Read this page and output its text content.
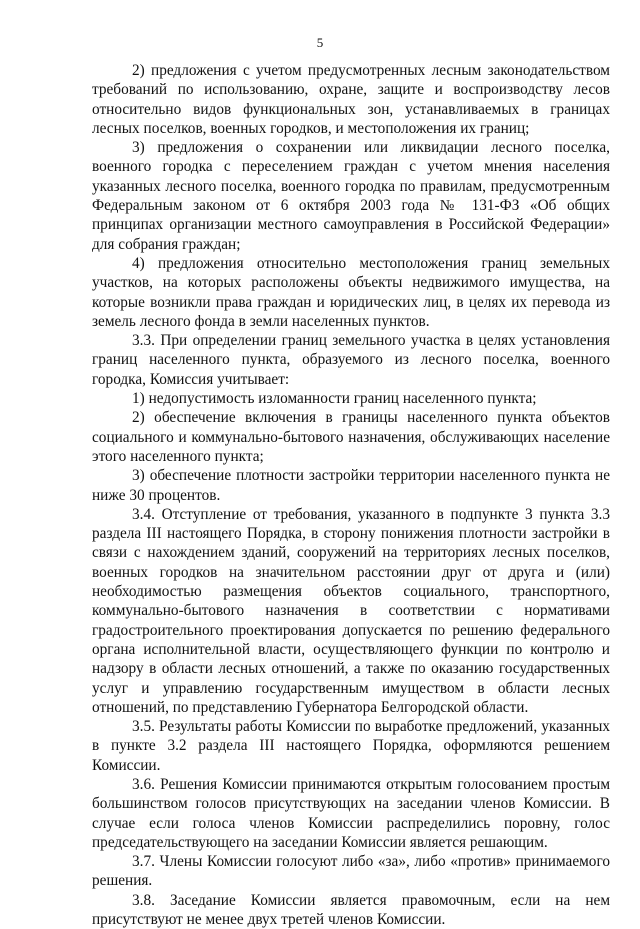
5

2) предложения с учетом предусмотренных лесным законодательством требований по использованию, охране, защите и воспроизводству лесов относительно видов функциональных зон, устанавливаемых в границах лесных поселков, военных городков, и местоположения их границ;

3) предложения о сохранении или ликвидации лесного поселка, военного городка с переселением граждан с учетом мнения населения указанных лесного поселка, военного городка по правилам, предусмотренным Федеральным законом от 6 октября 2003 года № 131-ФЗ «Об общих принципах организации местного самоуправления в Российской Федерации» для собрания граждан;

4) предложения относительно местоположения границ земельных участков, на которых расположены объекты недвижимого имущества, на которые возникли права граждан и юридических лиц, в целях их перевода из земель лесного фонда в земли населенных пунктов.

3.3. При определении границ земельного участка в целях установления границ населенного пункта, образуемого из лесного поселка, военного городка, Комиссия учитывает:

1) недопустимость изломанности границ населенного пункта;

2) обеспечение включения в границы населенного пункта объектов социального и коммунально-бытового назначения, обслуживающих население этого населенного пункта;

3) обеспечение плотности застройки территории населенного пункта не ниже 30 процентов.

3.4. Отступление от требования, указанного в подпункте 3 пункта 3.3 раздела III настоящего Порядка, в сторону понижения плотности застройки в связи с нахождением зданий, сооружений на территориях лесных поселков, военных городков на значительном расстоянии друг от друга и (или) необходимостью размещения объектов социального, транспортного, коммунально-бытового назначения в соответствии с нормативами градостроительного проектирования допускается по решению федерального органа исполнительной власти, осуществляющего функции по контролю и надзору в области лесных отношений, а также по оказанию государственных услуг и управлению государственным имуществом в области лесных отношений, по представлению Губернатора Белгородской области.

3.5. Результаты работы Комиссии по выработке предложений, указанных в пункте 3.2 раздела III настоящего Порядка, оформляются решением Комиссии.

3.6. Решения Комиссии принимаются открытым голосованием простым большинством голосов присутствующих на заседании членов Комиссии. В случае если голоса членов Комиссии распределились поровну, голос председательствующего на заседании Комиссии является решающим.

3.7. Члены Комиссии голосуют либо «за», либо «против» принимаемого решения.

3.8. Заседание Комиссии является правомочным, если на нем присутствуют не менее двух третей членов Комиссии.
